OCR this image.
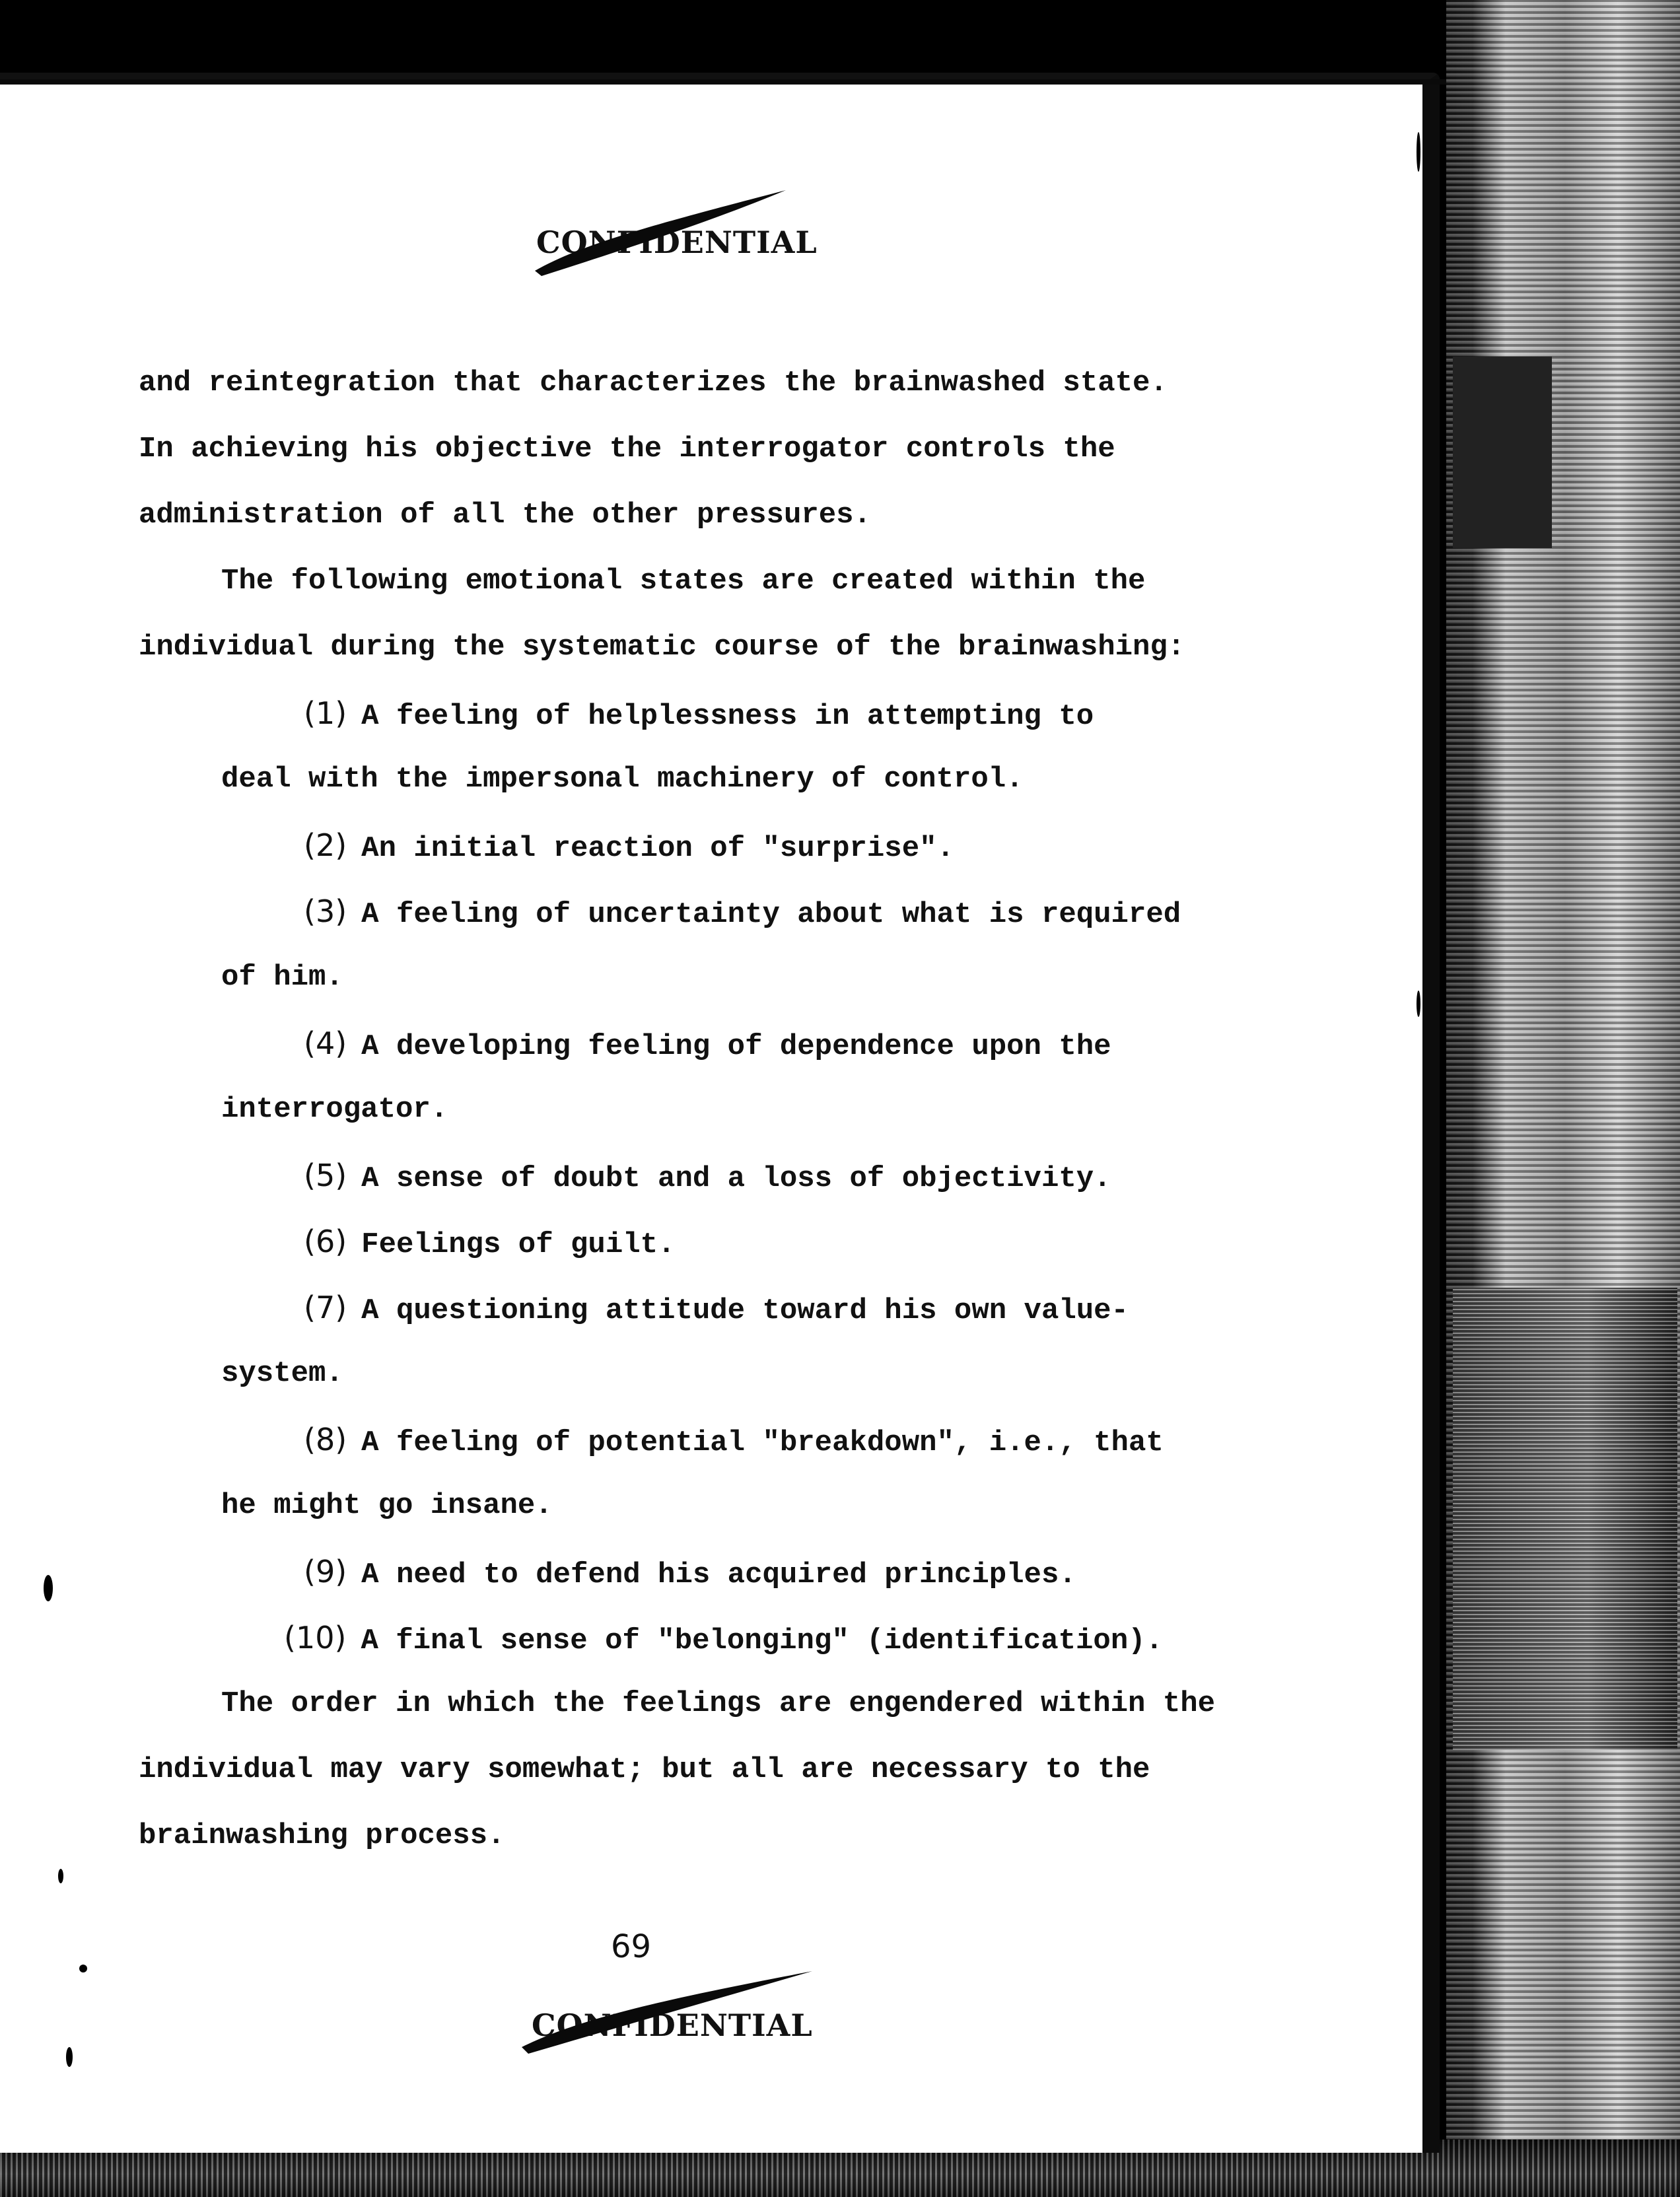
CONFIDENTIAL

and reintegration that characterizes the brainwashed state.

In achieving his objective the interrogator controls the

administration of all the other pressures.

The following emotional states are created within the

individual during the systematic course of the brainwashing:

(1) A feeling of helplessness in attempting to

deal with the impersonal machinery of control.

(2) An initial reaction of "surprise".

(3) A feeling of uncertainty about what is required

of him.

(4) A developing feeling of dependence upon the

interrogator.

(5) A sense of doubt and a loss of objectivity.

(6) Feelings of guilt.

(7) A questioning attitude toward his own value-

system.

(8) A feeling of potential "breakdown", i.e., that

he might go insane.

(9) A need to defend his acquired principles.

(10) A final sense of "belonging" (identification).

The order in which the feelings are engendered within the

individual may vary somewhat; but all are necessary to the

brainwashing process.

69
CONFIDENTIAL
